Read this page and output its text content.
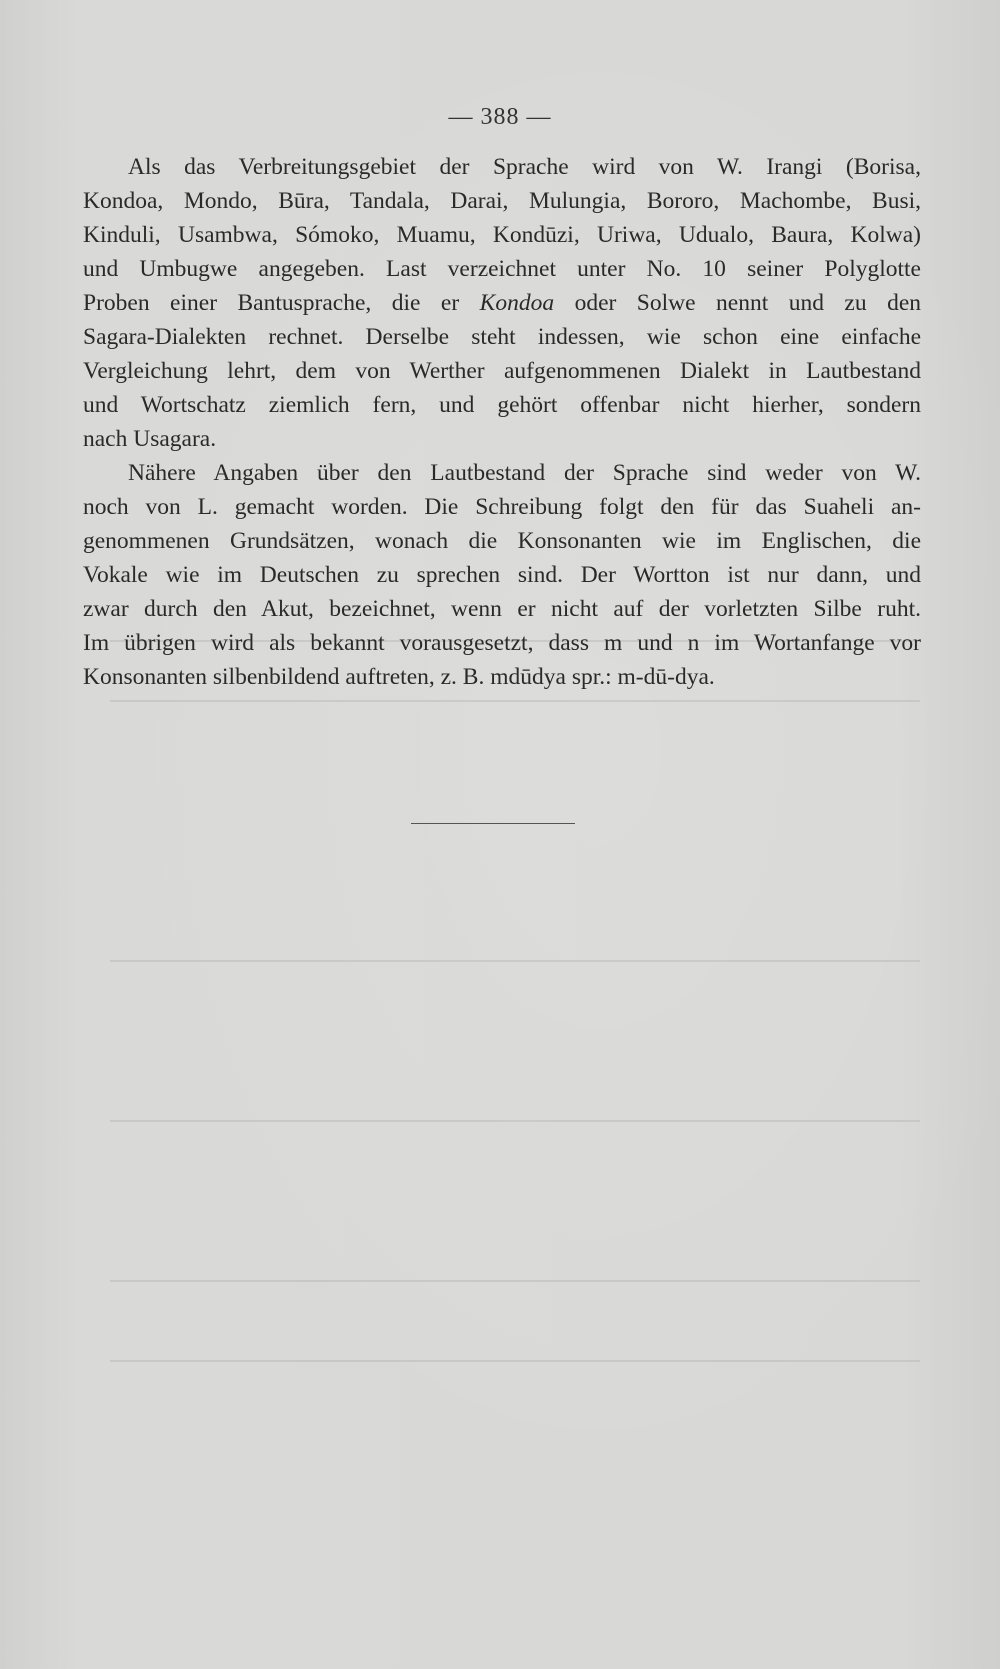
— 388 —
Als das Verbreitungsgebiet der Sprache wird von W. Irangi (Borisa,
Kondoa, Mondo, Būra, Tandala, Darai, Mulungia, Bororo, Machombe, Busi,
Kinduli, Usambwa, Sómoko, Muamu, Kondūzi, Uriwa, Udualo, Baura, Kolwa)
und Umbugwe angegeben. Last verzeichnet unter No. 10 seiner Polyglotte
Proben einer Bantusprache, die er Kondoa oder Solwe nennt und zu den
Sagara-Dialekten rechnet. Derselbe steht indessen, wie schon eine einfache
Vergleichung lehrt, dem von Werther aufgenommenen Dialekt in Lautbestand
und Wortschatz ziemlich fern, und gehört offenbar nicht hierher, sondern
nach Usagara.
Nähere Angaben über den Lautbestand der Sprache sind weder von W.
noch von L. gemacht worden. Die Schreibung folgt den für das Suaheli an-
genommenen Grundsätzen, wonach die Konsonanten wie im Englischen, die
Vokale wie im Deutschen zu sprechen sind. Der Wortton ist nur dann, und
zwar durch den Akut, bezeichnet, wenn er nicht auf der vorletzten Silbe ruht.
Im übrigen wird als bekannt vorausgesetzt, dass m und n im Wortanfange vor
Konsonanten silbenbildend auftreten, z. B. mdūdya spr.: m-dū-dya.
